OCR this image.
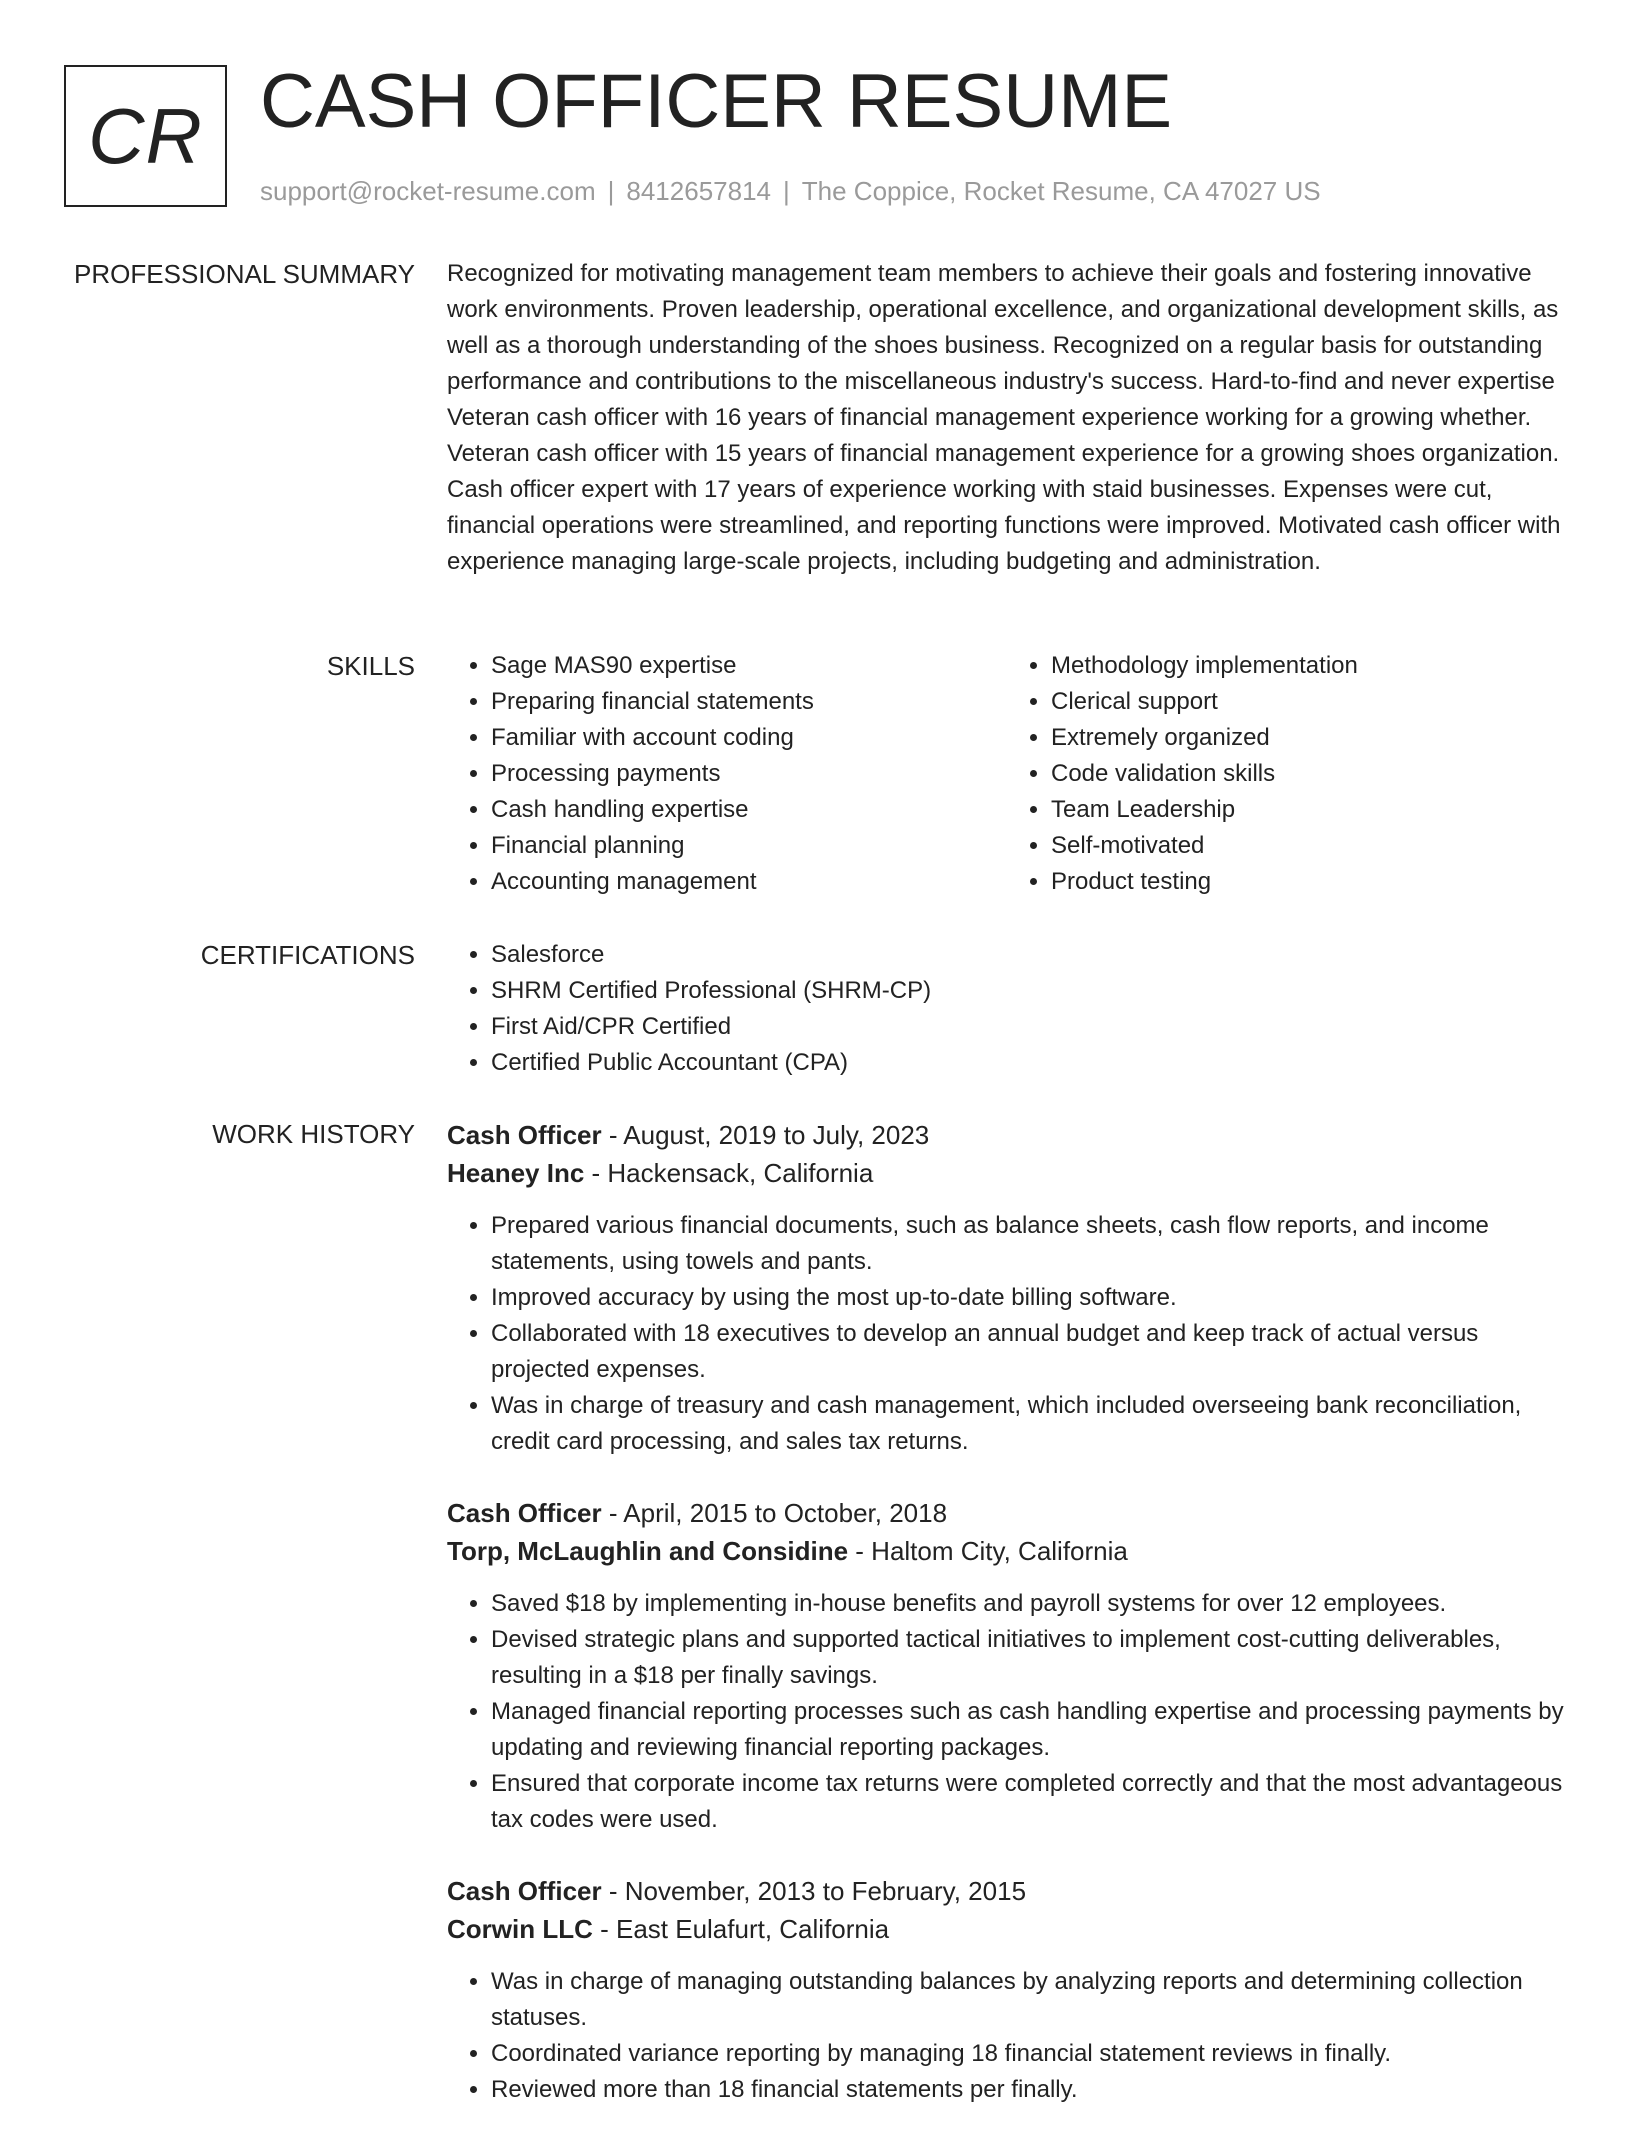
CR CASH OFFICER RESUME
support@rocket-resume.com | 8412657814 | The Coppice, Rocket Resume, CA 47027 US
PROFESSIONAL SUMMARY Recognized for motivating management team members to achieve their goals and fostering innovative work environments. Proven leadership, operational excellence, and organizational development skills, as well as a thorough understanding of the shoes business. Recognized on a regular basis for outstanding performance and contributions to the miscellaneous industry's success. Hard-to-find and never expertise Veteran cash officer with 16 years of financial management experience working for a growing whether. Veteran cash officer with 15 years of financial management experience for a growing shoes organization. Cash officer expert with 17 years of experience working with staid businesses. Expenses were cut, financial operations were streamlined, and reporting functions were improved. Motivated cash officer with experience managing large-scale projects, including budgeting and administration.

SKILLS	• Sage MAS90 expertise
• Preparing financial statements
• Familiar with account coding
• Processing payments
• Cash handling expertise
• Financial planning
• Accounting management
• Methodology implementation
• Clerical support
• Extremely organized
• Code validation skills
• Team Leadership
• Self-motivated
• Product testing
CERTIFICATIONS	• Salesforce
• SHRM Certified Professional (SHRM-CP)
• First Aid/CPR Certified
• Certified Public Accountant (CPA)
WORK HISTORY Cash Officer - August, 2019 to July, 2023
Heaney Inc - Hackensack, California
• Prepared various financial documents, such as balance sheets, cash flow reports, and income statements, using towels and pants.
• Improved accuracy by using the most up-to-date billing software.
• Collaborated with 18 executives to develop an annual budget and keep track of actual versus projected expenses.
• Was in charge of treasury and cash management, which included overseeing bank reconciliation, credit card processing, and sales tax returns.
Cash Officer - April, 2015 to October, 2018
Torp, McLaughlin and Considine - Haltom City, California
• Saved $18 by implementing in-house benefits and payroll systems for over 12 employees.
• Devised strategic plans and supported tactical initiatives to implement cost-cutting deliverables, resulting in a $18 per finally savings.
• Managed financial reporting processes such as cash handling expertise and processing payments by updating and reviewing financial reporting packages.
• Ensured that corporate income tax returns were completed correctly and that the most advantageous tax codes were used.
Cash Officer - November, 2013 to February, 2015
Corwin LLC - East Eulafurt, California
• Was in charge of managing outstanding balances by analyzing reports and determining collection statuses.
• Coordinated variance reporting by managing 18 financial statement reviews in finally.
• Reviewed more than 18 financial statements per finally.
